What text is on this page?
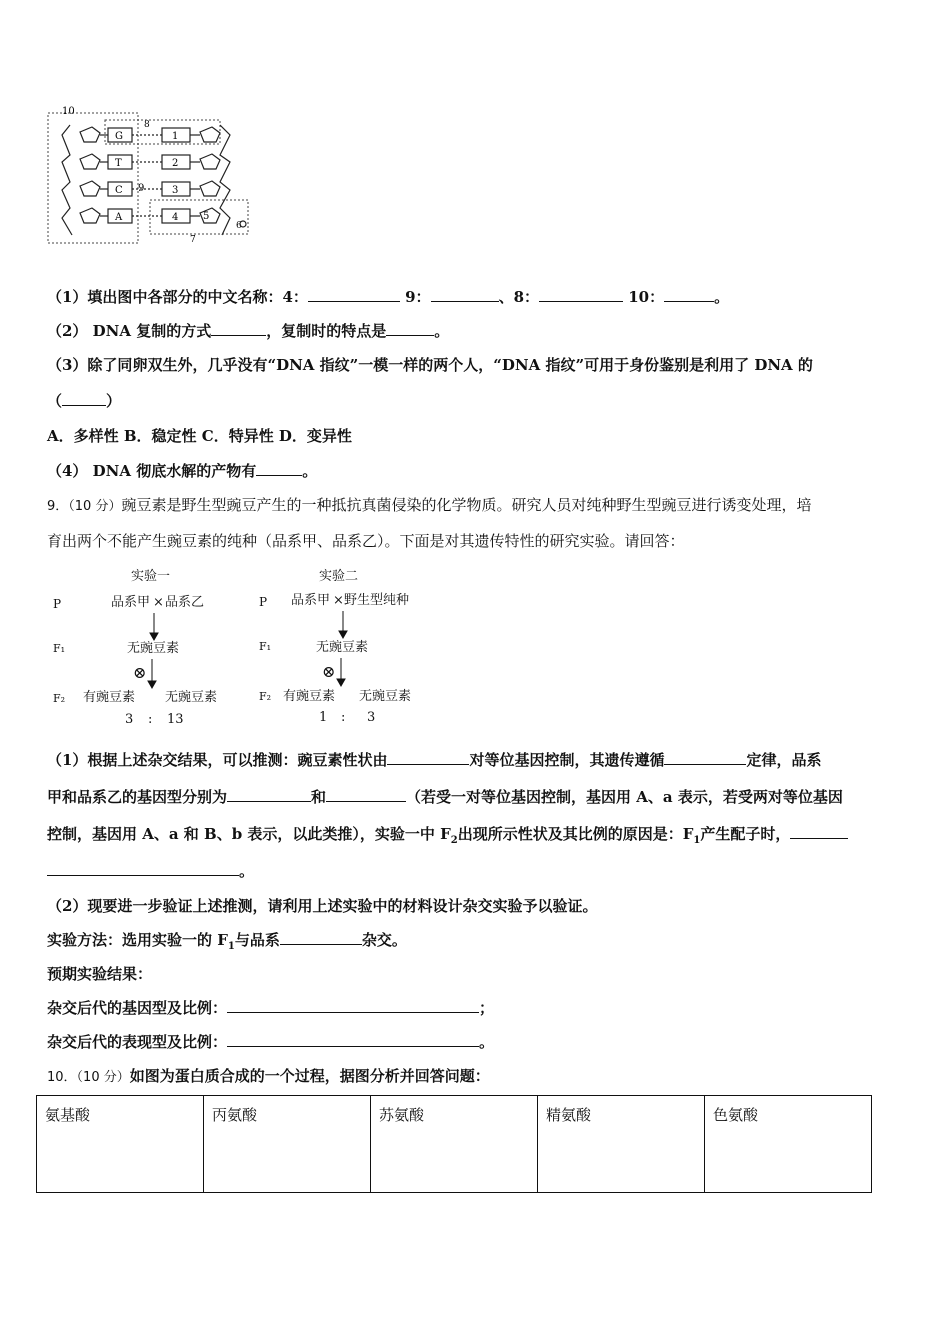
10
8
9
7
5
6
G
T
C
A
1
2
3
4
（1）填出图中各部分的中文名称：4：	9：	、8：	10：	。
（2） DNA 复制的方式	，复制时的特点是	。
（3）除了同卵双生外，几乎没有“DNA 指纹”一模一样的两个人，“DNA 指纹”可用于身份鉴别是利用了 DNA 的
（	）
A．多样性 B．稳定性 C．特异性 D．变异性
（4） DNA 彻底水解的产物有	。
9．（10 分）豌豆素是野生型豌豆产生的一种抵抗真菌侵染的化学物质。研究人员对纯种野生型豌豆进行诱变处理，培
育出两个不能产生豌豆素的纯种（品系甲、品系乙）。下面是对其遗传特性的研究实验。请回答：
实验一
P	品系甲 × 品系乙
F₁	无豌豆素
⊗
F₂ 有豌豆素 无豌豆素
3 : 13
实验二
P 品系甲 × 野生型纯种
F₁	无豌豆素
⊗
F₂ 有豌豆素 无豌豆素
1 : 3
（1）根据上述杂交结果，可以推测：豌豆素性状由	对等位基因控制，其遗传遵循	定律，品系
甲和品系乙的基因型分别为	和	（若受一对等位基因控制，基因用 A、a 表示，若受两对等位基因
控制，基因用 A、a 和 B、b 表示，以此类推），实验一中 $F_2$出现所示性状及其比例的原因是：$F_1$产生配子时，
。
（2）现要进一步验证上述推测，请利用上述实验中的材料设计杂交实验予以验证。
实验方法：选用实验一的 $F_1$与品系	杂交。
预期实验结果：
杂交后代的基因型及比例：	；
杂交后代的表现型及比例：	。
10．（10 分）如图为蛋白质合成的一个过程，据图分析并回答问题：
氨基酸	丙氨酸	苏氨酸	精氨酸	色氨酸
